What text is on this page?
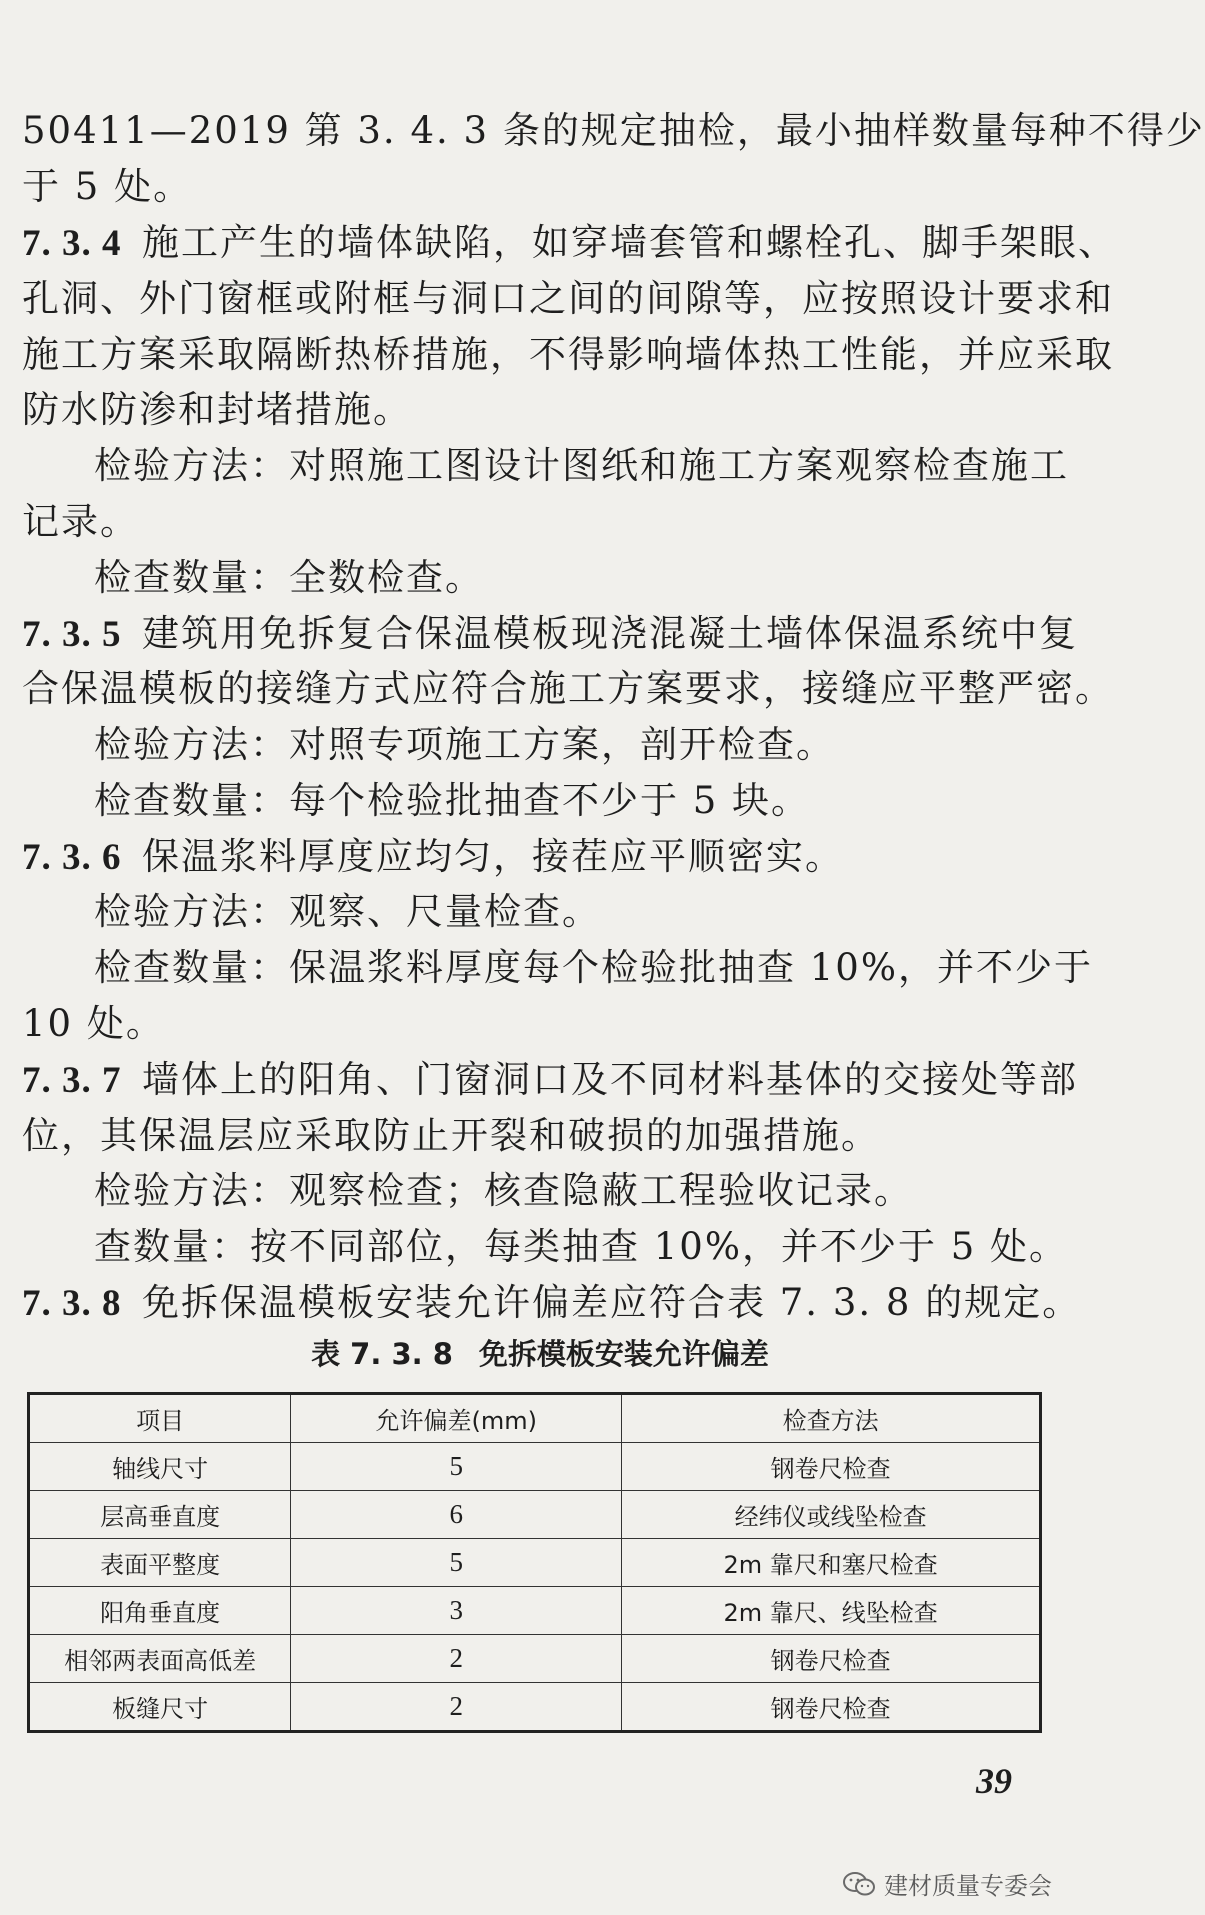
50411—2019 第 3. 4. 3 条的规定抽检，最小抽样数量每种不得少
于 5 处。
7. 3. 4 施工产生的墙体缺陷，如穿墙套管和螺栓孔、脚手架眼、
孔洞、外门窗框或附框与洞口之间的间隙等，应按照设计要求和
施工方案采取隔断热桥措施，不得影响墙体热工性能，并应采取
防水防渗和封堵措施。
检验方法：对照施工图设计图纸和施工方案观察检查施工
记录。
检查数量：全数检查。
7. 3. 5 建筑用免拆复合保温模板现浇混凝土墙体保温系统中复
合保温模板的接缝方式应符合施工方案要求，接缝应平整严密。
检验方法：对照专项施工方案，剖开检查。
检查数量：每个检验批抽查不少于 5 块。
7. 3. 6 保温浆料厚度应均匀，接茬应平顺密实。
检验方法：观察、尺量检查。
检查数量：保温浆料厚度每个检验批抽查 10%，并不少于
10 处。
7. 3. 7 墙体上的阳角、门窗洞口及不同材料基体的交接处等部
位，其保温层应采取防止开裂和破损的加强措施。
检验方法：观察检查；核查隐蔽工程验收记录。
查数量：按不同部位，每类抽查 10%，并不少于 5 处。
7. 3. 8 免拆保温模板安装允许偏差应符合表 7. 3. 8 的规定。
表 7. 3. 8 免拆模板安装允许偏差
项目	允许偏差(mm)	检查方法
轴线尺寸	5	钢卷尺检查
层高垂直度	6	经纬仪或线坠检查
表面平整度	5	2m 靠尺和塞尺检查
阳角垂直度	3	2m 靠尺、线坠检查
相邻两表面高低差	2	钢卷尺检查
板缝尺寸	2	钢卷尺检查
39
建材质量专委会
